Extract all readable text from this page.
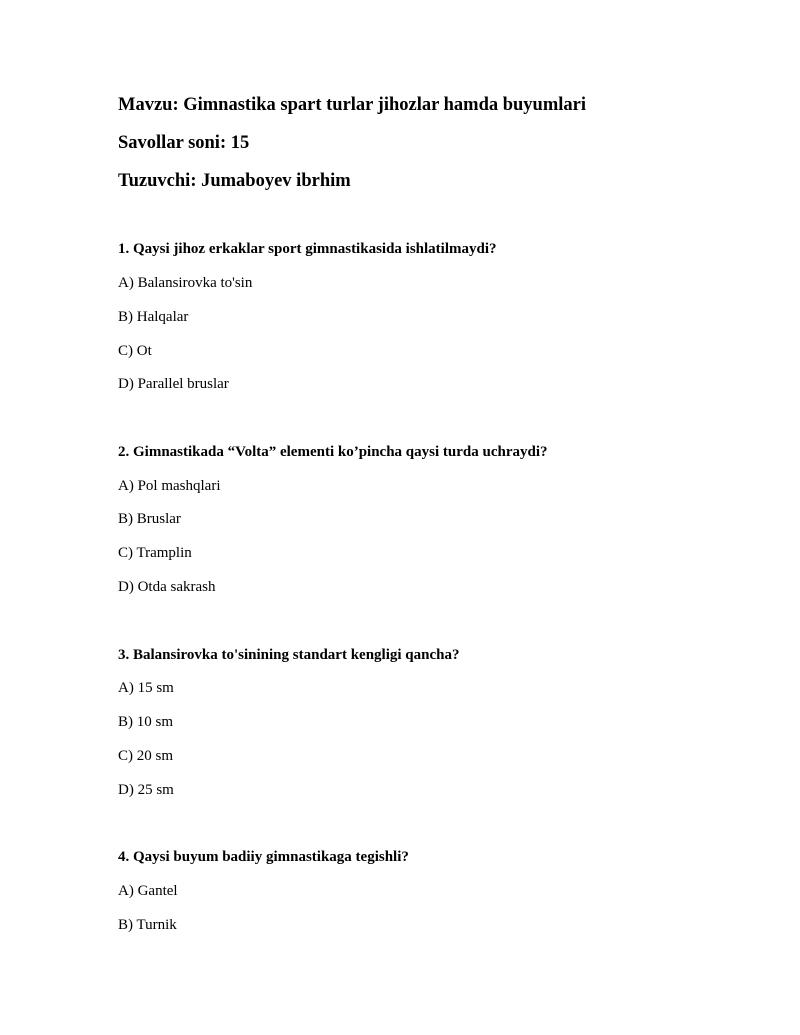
Mavzu: Gimnastika spart turlar jihozlar hamda buyumlari
Savollar soni: 15
Tuzuvchi: Jumaboyev ibrhim
1. Qaysi jihoz erkaklar sport gimnastikasida ishlatilmaydi?
A) Balansirovka to'sin
B) Halqalar
C) Ot
D) Parallel bruslar
2. Gimnastikada “Volta” elementi ko’pincha qaysi turda uchraydi?
A) Pol mashqlari
B) Bruslar
C) Tramplin
D) Otda sakrash
3. Balansirovka to'sinining standart kengligi qancha?
A) 15 sm
B) 10 sm
C) 20 sm
D) 25 sm
4. Qaysi buyum badiiy gimnastikaga tegishli?
A) Gantel
B) Turnik
